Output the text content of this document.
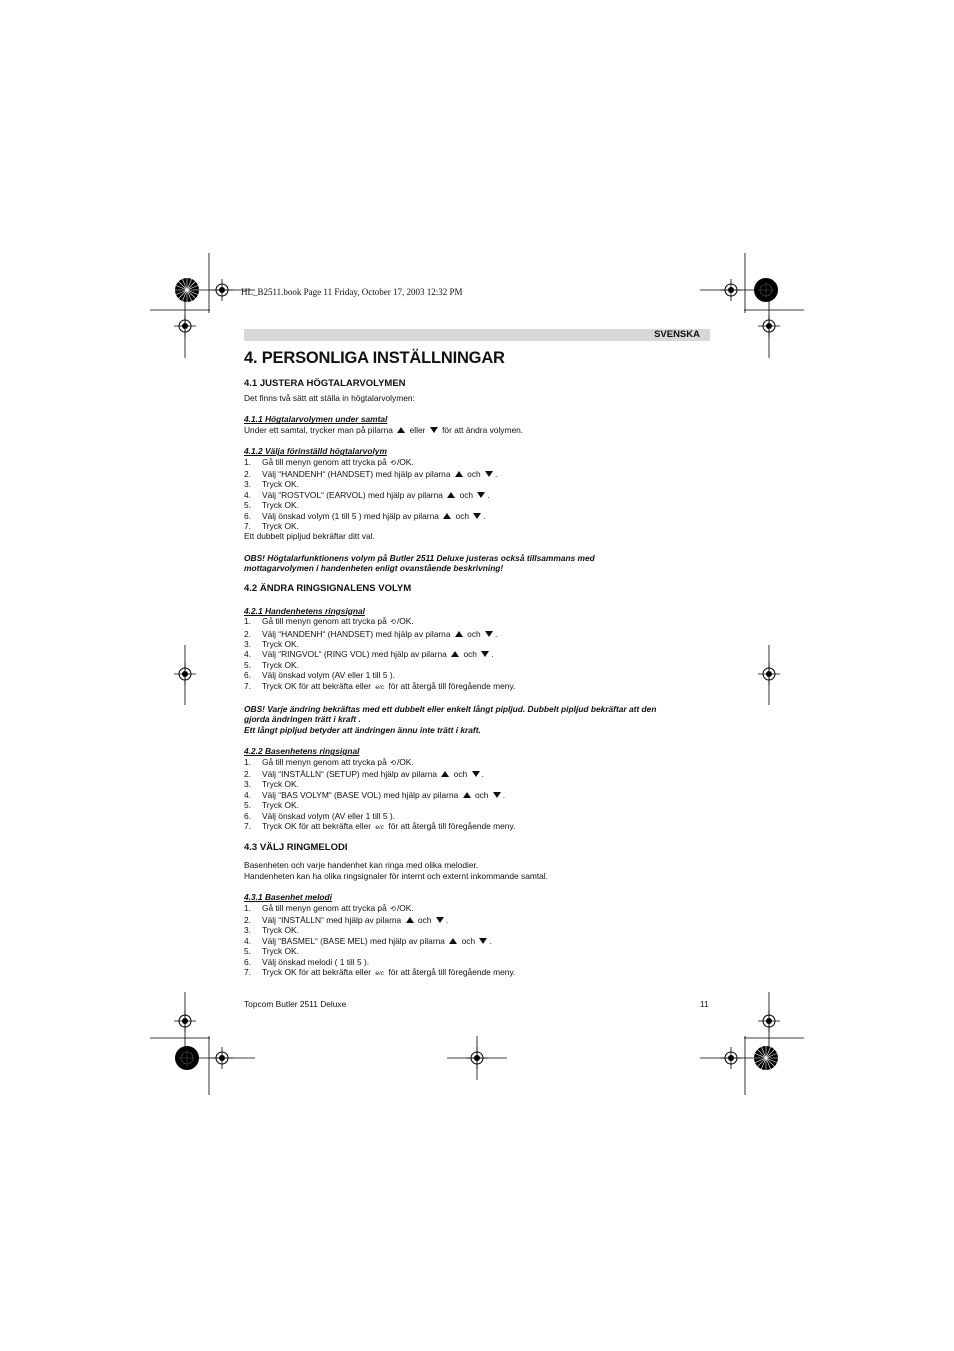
HL_B2511.book Page 11 Friday, October 17, 2003 12:32 PM
SVENSKA
4. PERSONLIGA INSTÄLLNINGAR
4.1 JUSTERA HÖGTALARVOLYMEN

Det finns två sätt att ställa in högtalarvolymen:

4.1.1 Högtalarvolymen under samtal

Under ett samtal, trycker man på pilarna eller för att ändra volymen.

4.1.2 Välja förinställd högtalarvolym
1.	Gå till menyn genom att trycka på ⟲/OK.
2.	Välj “HANDENH“ (HANDSET) med hjälp av pilarna och .
3.	Tryck OK.
4.	Välj “ROSTVOL“ (EARVOL) med hjälp av pilarna och .
5.	Tryck OK.
6.	Välj önskad volym (1 till 5 ) med hjälp av pilarna och .
7.	Tryck OK.

Ett dubbelt pipljud bekräftar ditt val.

OBS! Högtalarfunktionens volym på Butler 2511 Deluxe justeras också tillsammans med

mottagarvolymen i handenheten enligt ovanstående beskrivning!

4.2 ÄNDRA RINGSIGNALENS VOLYM
4.2.1 Handenhetens ringsignal
1.	Gå till menyn genom att trycka på ⟲/OK.
2.	Välj “HANDENH“ (HANDSET) med hjälp av pilarna och .
3.	Tryck OK.
4.	Välj “RINGVOL“ (RING VOL) med hjälp av pilarna och .
5.	Tryck OK.
6.	Välj önskad volym (AV eller 1 till 5 ).
7.	Tryck OK för att bekräfta eller e/c för att återgå till föregående meny.

OBS! Varje ändring bekräftas med ett dubbelt eller enkelt långt pipljud. Dubbelt pipljud bekräftar att den

gjorda ändringen trätt i kraft .

Ett långt pipljud betyder att ändringen ännu inte trätt i kraft.

4.2.2 Basenhetens ringsignal
1.	Gå till menyn genom att trycka på ⟲/OK.
2.	Välj “INSTÄLLN“ (SETUP) med hjälp av pilarna och .
3.	Tryck OK.
4.	Välj “BAS VOLYM“ (BASE VOL) med hjälp av pilarna och .
5.	Tryck OK.
6.	Välj önskad volym (AV eller 1 till 5 ).
7.	Tryck OK för att bekräfta eller e/c för att återgå till föregående meny.
4.3 VÄLJ RINGMELODI

Basenheten och varje handenhet kan ringa med olika melodier.

Handenheten kan ha olika ringsignaler för internt och externt inkommande samtal.

4.3.1 Basenhet melodi
1.	Gå till menyn genom att trycka på ⟲/OK.
2.	Välj “INSTÄLLN“ med hjälp av pilarna och .
3.	Tryck OK.
4.	Välj “BASMEL“ (BASE MEL) med hjälp av pilarna och .
5.	Tryck OK.
6.	Välj önskad melodi ( 1 till 5 ).
7.	Tryck OK för att bekräfta eller e/c för att återgå till föregående meny.
Topcom Butler 2511 Deluxe	11
